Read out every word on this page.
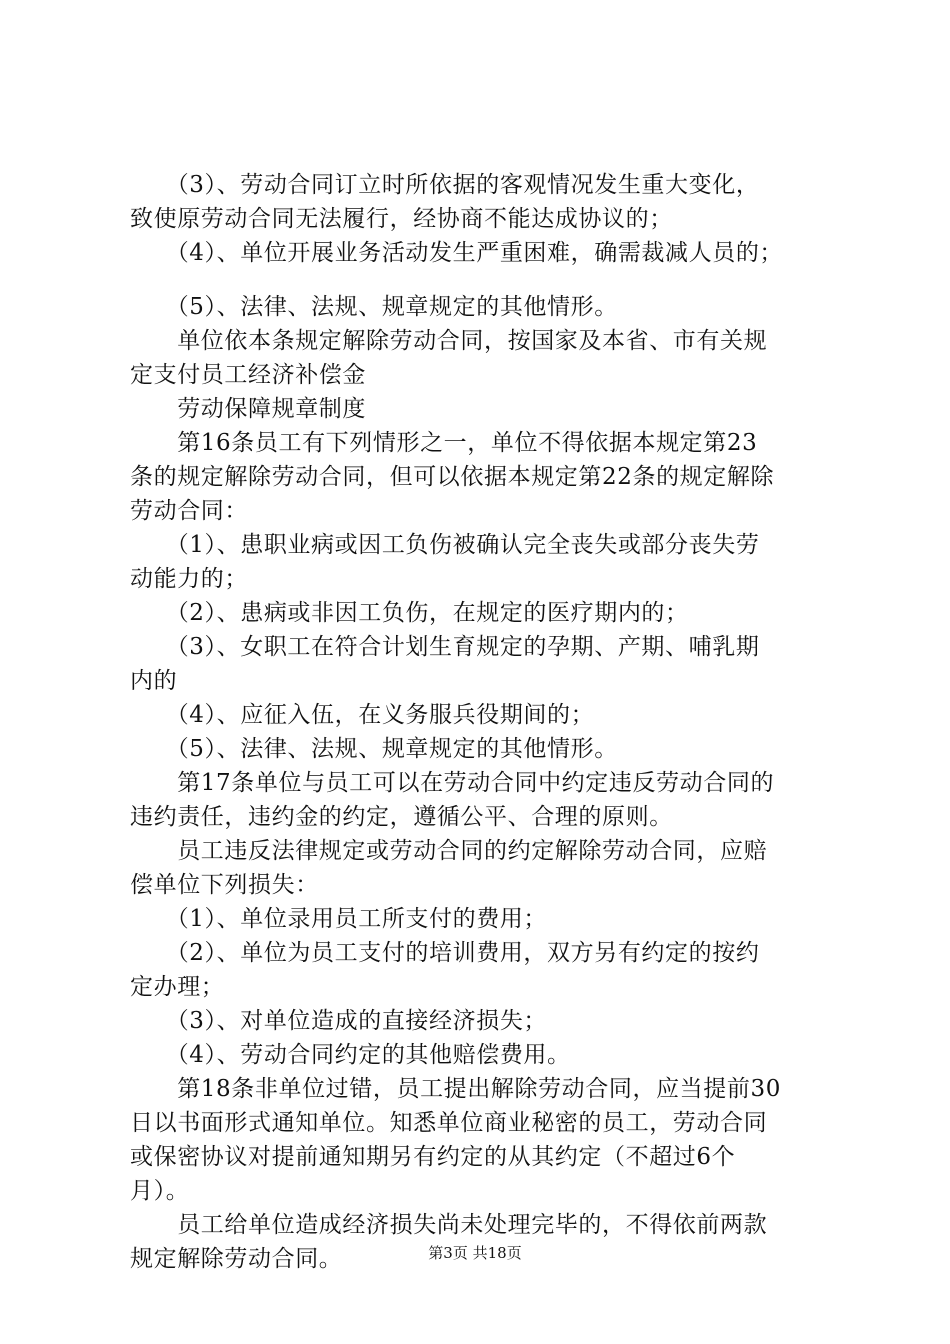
　　（3）、劳动合同订立时所依据的客观情况发生重大变化，
致使原劳动合同无法履行，经协商不能达成协议的；
　　（4）、单位开展业务活动发生严重困难，确需裁减人员的；
　　（5）、法律、法规、规章规定的其他情形。
　　单位依本条规定解除劳动合同，按国家及本省、市有关规
定支付员工经济补偿金
　　劳动保障规章制度
　　第16条员工有下列情形之一，单位不得依据本规定第23
条的规定解除劳动合同，但可以依据本规定第22条的规定解除
劳动合同：
　　（1）、患职业病或因工负伤被确认完全丧失或部分丧失劳
动能力的；
　　（2）、患病或非因工负伤，在规定的医疗期内的；
　　（3）、女职工在符合计划生育规定的孕期、产期、哺乳期
内的
　　（4）、应征入伍，在义务服兵役期间的；
　　（5）、法律、法规、规章规定的其他情形。
　　第17条单位与员工可以在劳动合同中约定违反劳动合同的
违约责任，违约金的约定，遵循公平、合理的原则。
　　员工违反法律规定或劳动合同的约定解除劳动合同，应赔
偿单位下列损失：
　　（1）、单位录用员工所支付的费用；
　　（2）、单位为员工支付的培训费用，双方另有约定的按约
定办理；
　　（3）、对单位造成的直接经济损失；
　　（4）、劳动合同约定的其他赔偿费用。
　　第18条非单位过错，员工提出解除劳动合同，应当提前30
日以书面形式通知单位。知悉单位商业秘密的员工，劳动合同
或保密协议对提前通知期另有约定的从其约定（不超过6个
月）。
　　员工给单位造成经济损失尚未处理完毕的，不得依前两款
规定解除劳动合同。	第3页 共18页
